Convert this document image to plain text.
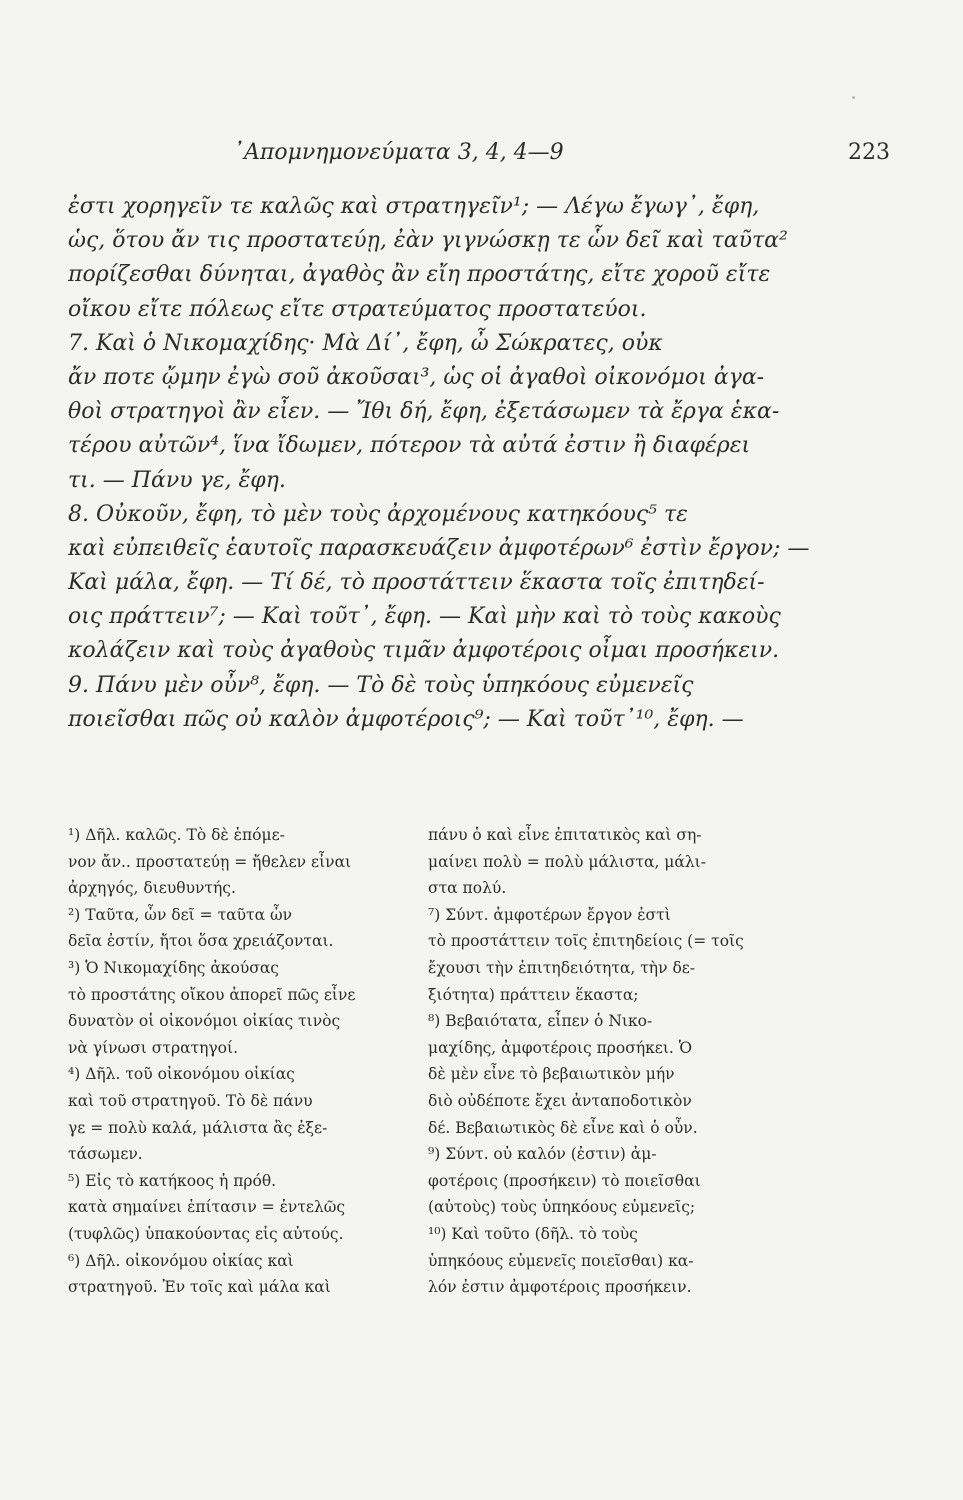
᾽Απομνημονεύματα 3, 4, 4—9	223
ἐστι χορηγεῖν τε καλῶς καὶ στρατηγεῖν¹; — Λέγω ἔγωγ᾽, ἔφη,
ὡς, ὅτου ἄν τις προστατεύῃ, ἐὰν γιγνώσκῃ τε ὧν δεῖ καὶ ταῦτα²
πορίζεσθαι δύνηται, ἀγαθὸς ἂν εἴη προστάτης, εἴτε χοροῦ εἴτε
οἴκου εἴτε πόλεως εἴτε στρατεύματος προστατεύοι.
7. Καὶ ὁ Νικομαχίδης· Μὰ Δί᾽, ἔφη, ὦ Σώκρατες, οὐκ
ἄν ποτε ᾤμην ἐγὼ σοῦ ἀκοῦσαι³, ὡς οἱ ἀγαθοὶ οἰκονόμοι ἀγα-
θοὶ στρατηγοὶ ἂν εἶεν. — Ἴθι δή, ἔφη, ἐξετάσωμεν τὰ ἔργα ἑκα-
τέρου αὐτῶν⁴, ἵνα ἴδωμεν, πότερον τὰ αὐτά ἐστιν ἢ διαφέρει
τι. — Πάνυ γε, ἔφη.
8. Οὐκοῦν, ἔφη, τὸ μὲν τοὺς ἀρχομένους κατηκόους⁵ τε
καὶ εὐπειθεῖς ἑαυτοῖς παρασκευάζειν ἀμφοτέρων⁶ ἐστὶν ἔργον; —
Καὶ μάλα, ἔφη. — Τί δέ, τὸ προστάττειν ἕκαστα τοῖς ἐπιτηδεί-
οις πράττειν⁷; — Καὶ τοῦτ᾽, ἔφη. — Καὶ μὴν καὶ τὸ τοὺς κακοὺς
κολάζειν καὶ τοὺς ἀγαθοὺς τιμᾶν ἀμφοτέροις οἶμαι προσήκειν.
9. Πάνυ μὲν οὖν⁸, ἔφη. — Τὸ δὲ τοὺς ὑπηκόους εὐμενεῖς
ποιεῖσθαι πῶς οὐ καλὸν ἀμφοτέροις⁹; — Καὶ τοῦτ᾽¹⁰, ἔφη. —
¹) Δῆλ. καλῶς. Τὸ δὲ ἑπόμε-
νον ἄν.. προστατεύῃ = ἤθελεν εἶναι
ἀρχηγός, διευθυντής.
²) Ταῦτα, ὧν δεῖ = ταῦτα ὧν
δεῖα ἐστίν, ἤτοι ὅσα χρειάζονται.
³) Ὁ Νικομαχίδης ἀκούσας
τὸ προστάτης οἴκου ἀπορεῖ πῶς εἶνε
δυνατὸν οἱ οἰκονόμοι οἰκίας τινὸς
νὰ γίνωσι στρατηγοί.
⁴) Δῆλ. τοῦ οἰκονόμου οἰκίας
καὶ τοῦ στρατηγοῦ. Τὸ δὲ πάνυ
γε = πολὺ καλά, μάλιστα ἂς ἐξε-
τάσωμεν.
⁵) Εἰς τὸ κατήκοος ἡ πρόθ.
κατὰ σημαίνει ἐπίτασιν = ἐντελῶς
(τυφλῶς) ὑπακούοντας εἰς αὐτούς.
⁶) Δῆλ. οἰκονόμου οἰκίας καὶ
στρατηγοῦ. Ἐν τοῖς καὶ μάλα καὶ
πάνυ ὁ καὶ εἶνε ἐπιτατικὸς καὶ ση-
μαίνει πολὺ = πολὺ μάλιστα, μάλι-
στα πολύ.
⁷) Σύντ. ἀμφοτέρων ἔργον ἐστὶ
τὸ προστάττειν τοῖς ἐπιτηδείοις (= τοῖς
ἔχουσι τὴν ἐπιτηδειότητα, τὴν δε-
ξιότητα) πράττειν ἕκαστα;
⁸) Βεβαιότατα, εἶπεν ὁ Νικο-
μαχίδης, ἀμφοτέροις προσήκει. Ὁ
δὲ μὲν εἶνε τὸ βεβαιωτικὸν μήν
διὸ οὐδέποτε ἔχει ἀνταποδοτικὸν
δέ. Βεβαιωτικὸς δὲ εἶνε καὶ ὁ οὖν.
⁹) Σύντ. οὐ καλόν (ἐστιν) ἀμ-
φοτέροις (προσήκειν) τὸ ποιεῖσθαι
(αὐτοὺς) τοὺς ὑπηκόους εὐμενεῖς;
¹⁰) Καὶ τοῦτο (δῆλ. τὸ τοὺς
ὑπηκόους εὐμενεῖς ποιεῖσθαι) κα-
λόν ἐστιν ἀμφοτέροις προσήκειν.
